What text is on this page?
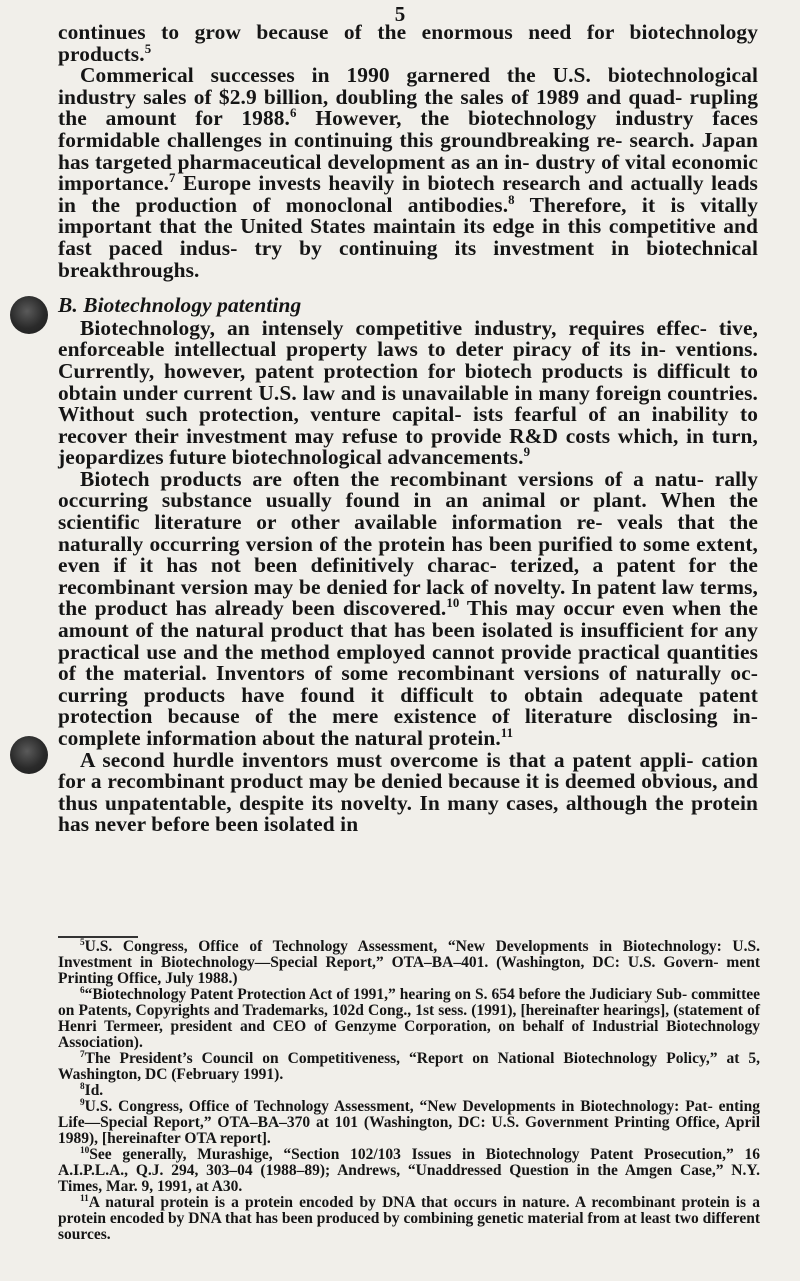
5

continues to grow because of the enormous need for biotechnology products.$^5$

Commerical successes in 1990 garnered the U.S. biotechnological industry sales of $2.9 billion, doubling the sales of 1989 and quad- rupling the amount for 1988.$^6$ However, the biotechnology industry faces formidable challenges in continuing this groundbreaking re- search. Japan has targeted pharmaceutical development as an in- dustry of vital economic importance.$^7$ Europe invests heavily in biotech research and actually leads in the production of monoclonal antibodies.$^8$ Therefore, it is vitally important that the United States maintain its edge in this competitive and fast paced indus- try by continuing its investment in biotechnical breakthroughs.

B. Biotechnology patenting

Biotechnology, an intensely competitive industry, requires effec- tive, enforceable intellectual property laws to deter piracy of its in- ventions. Currently, however, patent protection for biotech products is difficult to obtain under current U.S. law and is unavailable in many foreign countries. Without such protection, venture capital- ists fearful of an inability to recover their investment may refuse to provide R&D costs which, in turn, jeopardizes future biotechnological advancements.$^9$

Biotech products are often the recombinant versions of a natu- rally occurring substance usually found in an animal or plant. When the scientific literature or other available information re- veals that the naturally occurring version of the protein has been purified to some extent, even if it has not been definitively charac- terized, a patent for the recombinant version may be denied for lack of novelty. In patent law terms, the product has already been discovered.$^{10}$ This may occur even when the amount of the natural product that has been isolated is insufficient for any practical use and the method employed cannot provide practical quantities of the material. Inventors of some recombinant versions of naturally oc- curring products have found it difficult to obtain adequate patent protection because of the mere existence of literature disclosing in- complete information about the natural protein.$^{11}$

A second hurdle inventors must overcome is that a patent appli- cation for a recombinant product may be denied because it is deemed obvious, and thus unpatentable, despite its novelty. In many cases, although the protein has never before been isolated in

$^5$U.S. Congress, Office of Technology Assessment, “New Developments in Biotechnology: U.S. Investment in Biotechnology—Special Report,” OTA–BA–401. (Washington, DC: U.S. Govern- ment Printing Office, July 1988.)

$^6$“Biotechnology Patent Protection Act of 1991,” hearing on S. 654 before the Judiciary Sub- committee on Patents, Copyrights and Trademarks, 102d Cong., 1st sess. (1991), [hereinafter hearings], (statement of Henri Termeer, president and CEO of Genzyme Corporation, on behalf of Industrial Biotechnology Association).

$^7$The President’s Council on Competitiveness, “Report on National Biotechnology Policy,” at 5, Washington, DC (February 1991).

$^8$Id.

$^9$U.S. Congress, Office of Technology Assessment, “New Developments in Biotechnology: Pat- enting Life—Special Report,” OTA–BA–370 at 101 (Washington, DC: U.S. Government Printing Office, April 1989), [hereinafter OTA report].

$^{10}$See generally, Murashige, “Section 102/103 Issues in Biotechnology Patent Prosecution,” 16 A.I.P.L.A., Q.J. 294, 303–04 (1988–89); Andrews, “Unaddressed Question in the Amgen Case,” N.Y. Times, Mar. 9, 1991, at A30.

$^{11}$A natural protein is a protein encoded by DNA that occurs in nature. A recombinant protein is a protein encoded by DNA that has been produced by combining genetic material from at least two different sources.
